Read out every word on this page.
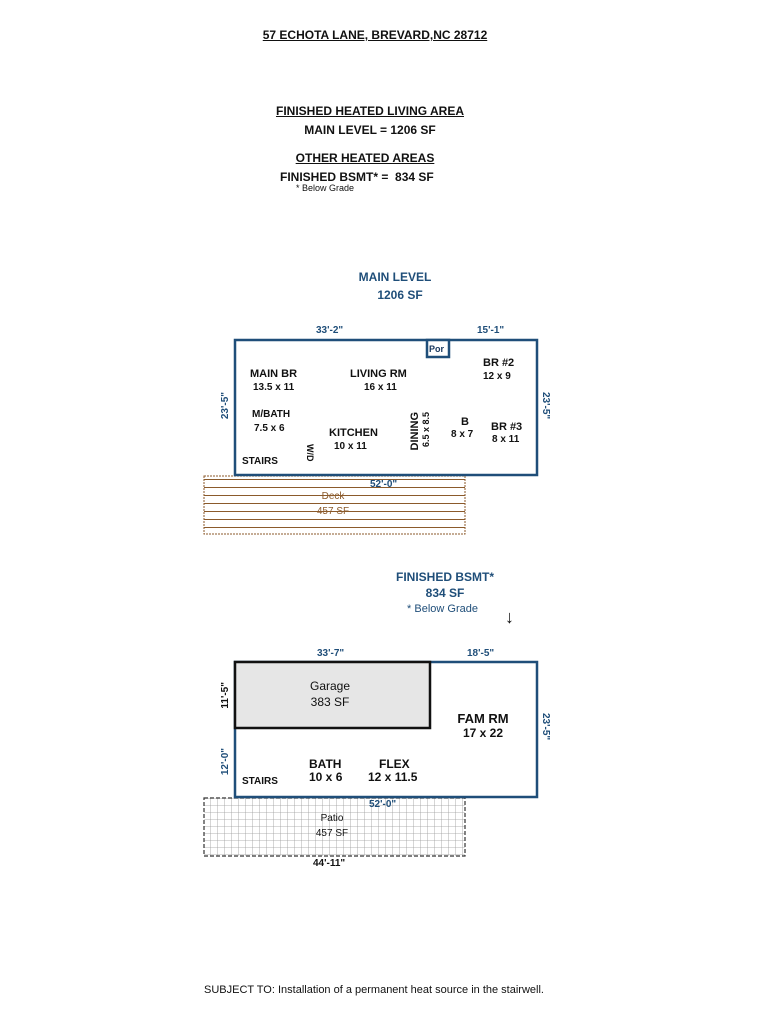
57 ECHOTA LANE, BREVARD,NC 28712
FINISHED HEATED LIVING AREA
MAIN LEVEL = 1206 SF
OTHER HEATED AREAS
FINISHED BSMT* =  834 SF
* Below Grade
MAIN LEVEL
1206 SF
33'-2"	15'-1"
23'-5"	23'-5"
52'-0"
Por
MAIN BR
13.5 x 11
LIVING RM
16 x 11
BR #2
12 x 9
M/BATH
7.5 x 6	KITCHEN
10 x 11	DINING 6.5 x 8.5	B
8 x 7
BR #3
8 x 11
W/D
STAIRS
Deck
457 SF
FINISHED BSMT*
834 SF
* Below Grade	↓
33'-7"	18'-5"
11'-5"
12'-0"
23'-5"
52'-0"
44'-11"
Garage
383 SF
FAM RM
17 x 22
BATH
10 x 6
FLEX
12 x 11.5
STAIRS
Patio
457 SF
SUBJECT TO: Installation of a permanent heat source in the stairwell.
